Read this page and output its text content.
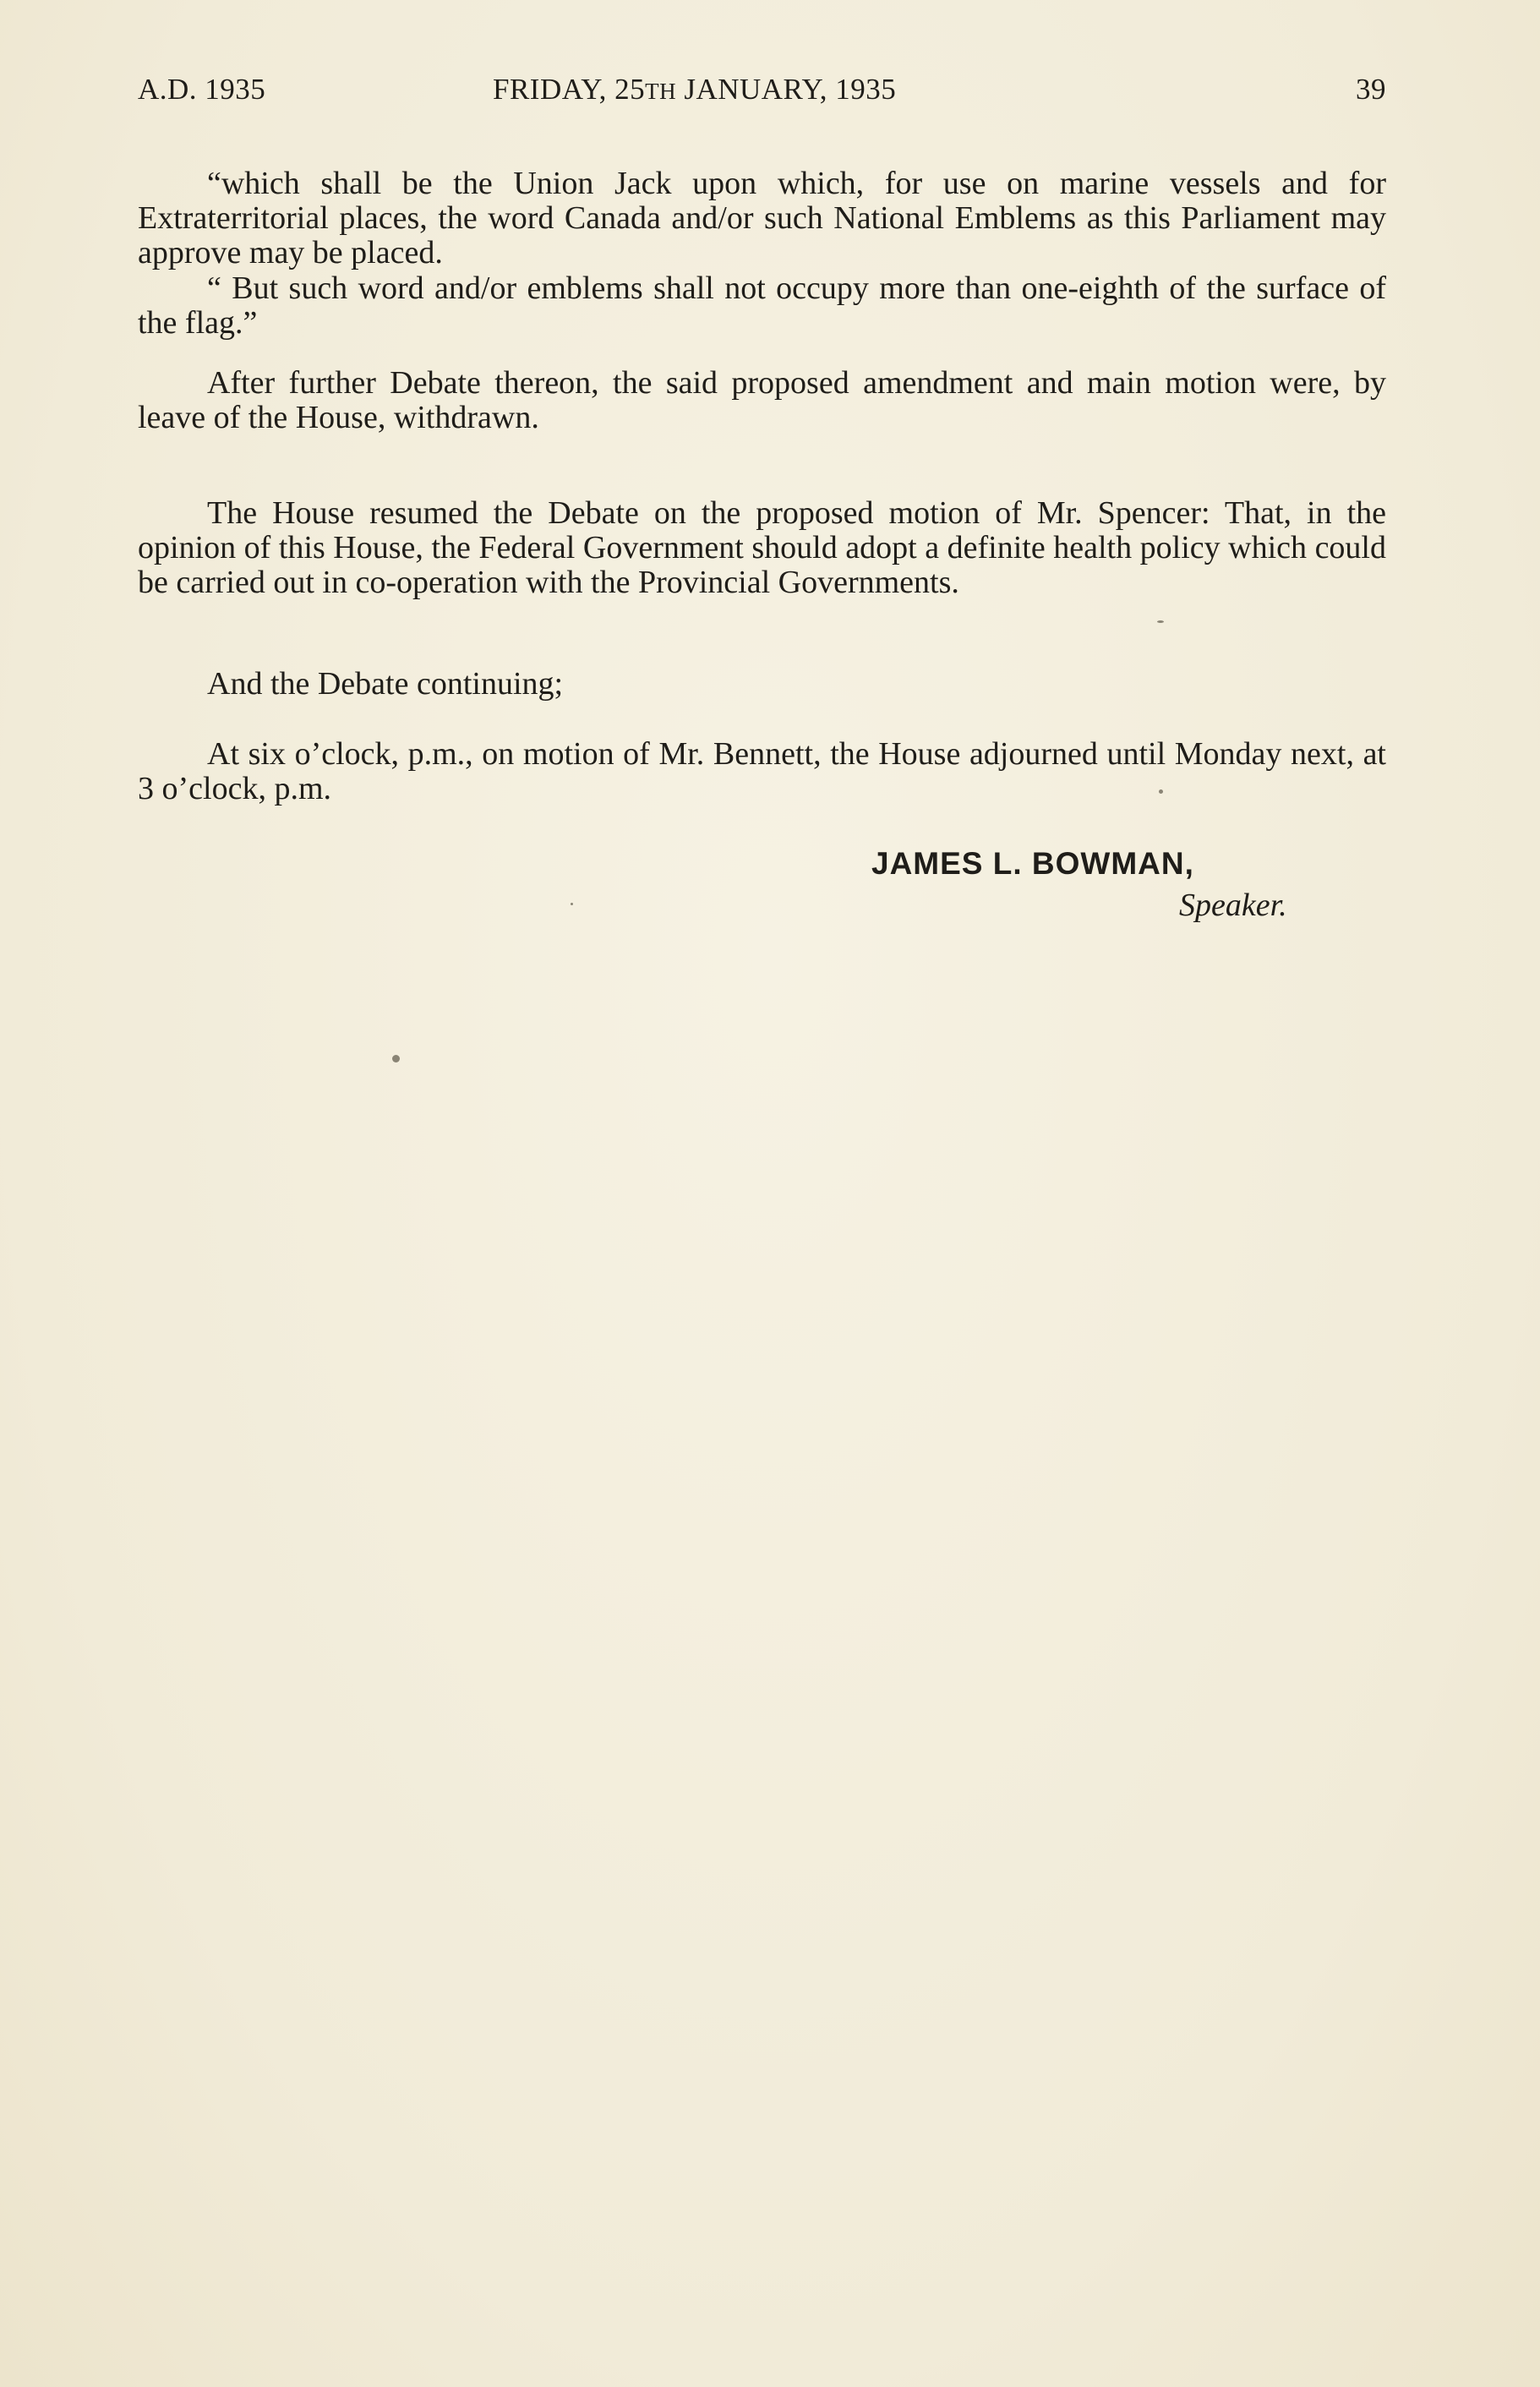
A.D. 1935	FRIDAY, 25TH JANUARY, 1935	39

“which shall be the Union Jack upon which, for use on marine vessels and for Extraterritorial places, the word Canada and/or such National Emblems as this Parliament may approve may be placed.

“ But such word and/or emblems shall not occupy more than one-eighth of the surface of the flag.”

After further Debate thereon, the said proposed amendment and main motion were, by leave of the House, withdrawn.

The House resumed the Debate on the proposed motion of Mr. Spencer: That, in the opinion of this House, the Federal Government should adopt a definite health policy which could be carried out in co-operation with the Provincial Governments.

And the Debate continuing;

At six o’clock, p.m., on motion of Mr. Bennett, the House adjourned until Monday next, at 3 o’clock, p.m.

JAMES L. BOWMAN,
Speaker.
